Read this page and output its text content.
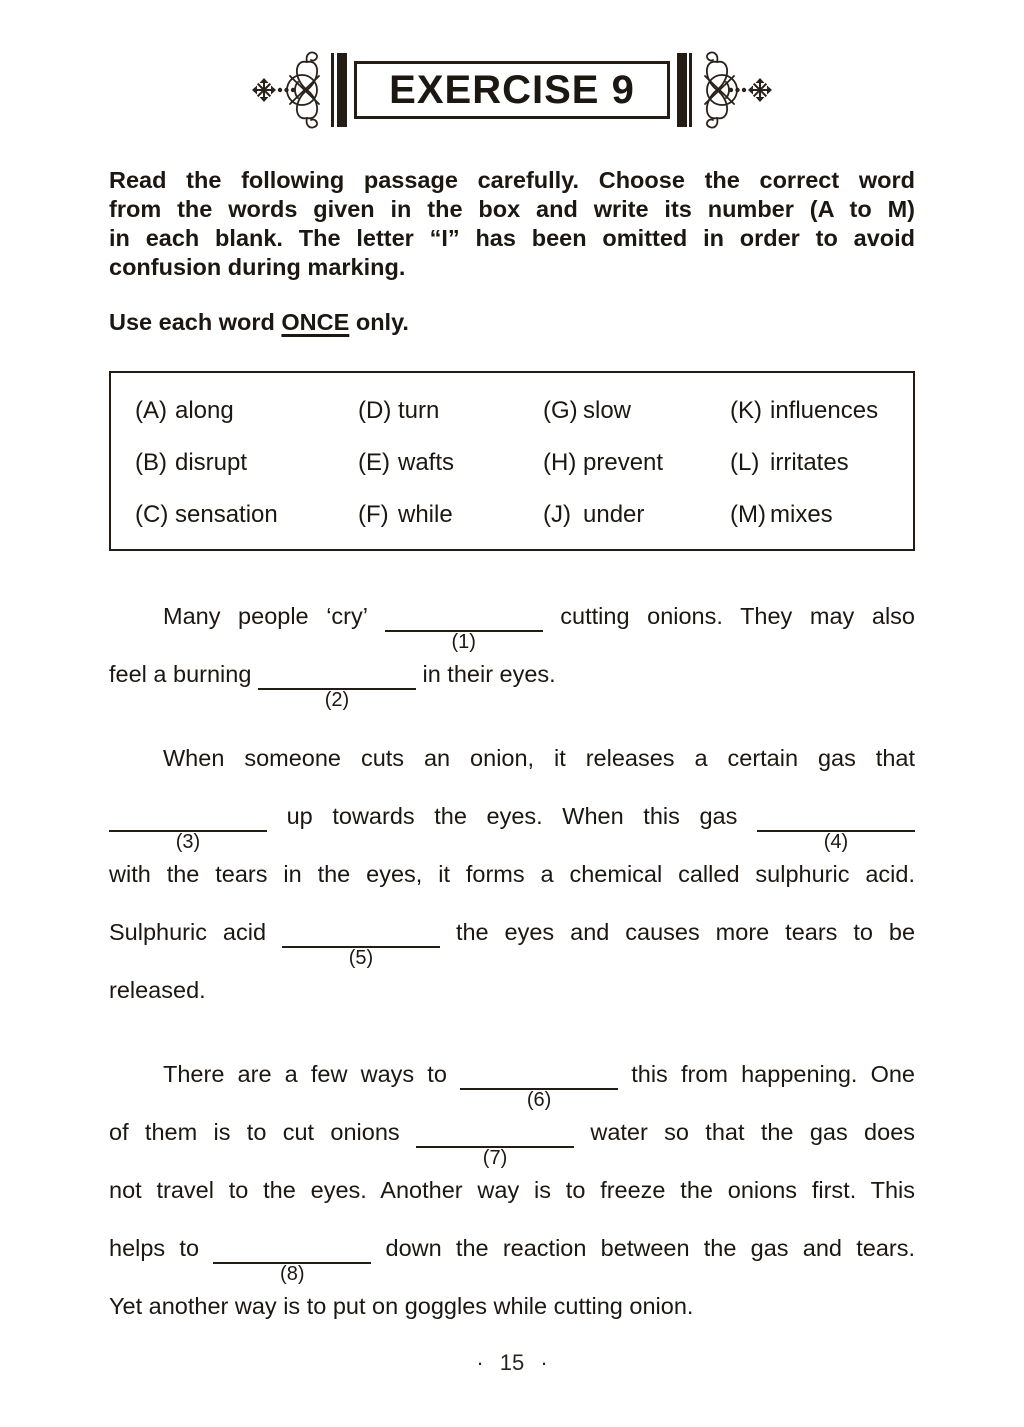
EXERCISE 9
Read the following passage carefully. Choose the correct word
from the words given in the box and write its number (A to M)
in each blank. The letter “I” has been omitted in order to avoid
confusion during marking.
Use each word ONCE only.
(A) along	(D) turn	(G) slow	(K) influences
(B) disrupt	(E) wafts	(H) prevent	(L) irritates
(C) sensation	(F) while	(J) under	(M) mixes
Many people ‘cry’
(1)
cutting onions. They may also
feel a burning
(2)
in their eyes.
When someone cuts an onion, it releases a certain gas that
(3)
up towards the eyes. When this gas
(4)
with the tears in the eyes, it forms a chemical called sulphuric acid.
Sulphuric acid
(5)
the eyes and causes more tears to be
released.
There are a few ways to
(6)
this from happening. One
of them is to cut onions
(7)
water so that the gas does
not travel to the eyes. Another way is to freeze the onions first. This
helps to
(8)
down the reaction between the gas and tears.
Yet another way is to put on goggles while cutting onion.
· 15 ·
